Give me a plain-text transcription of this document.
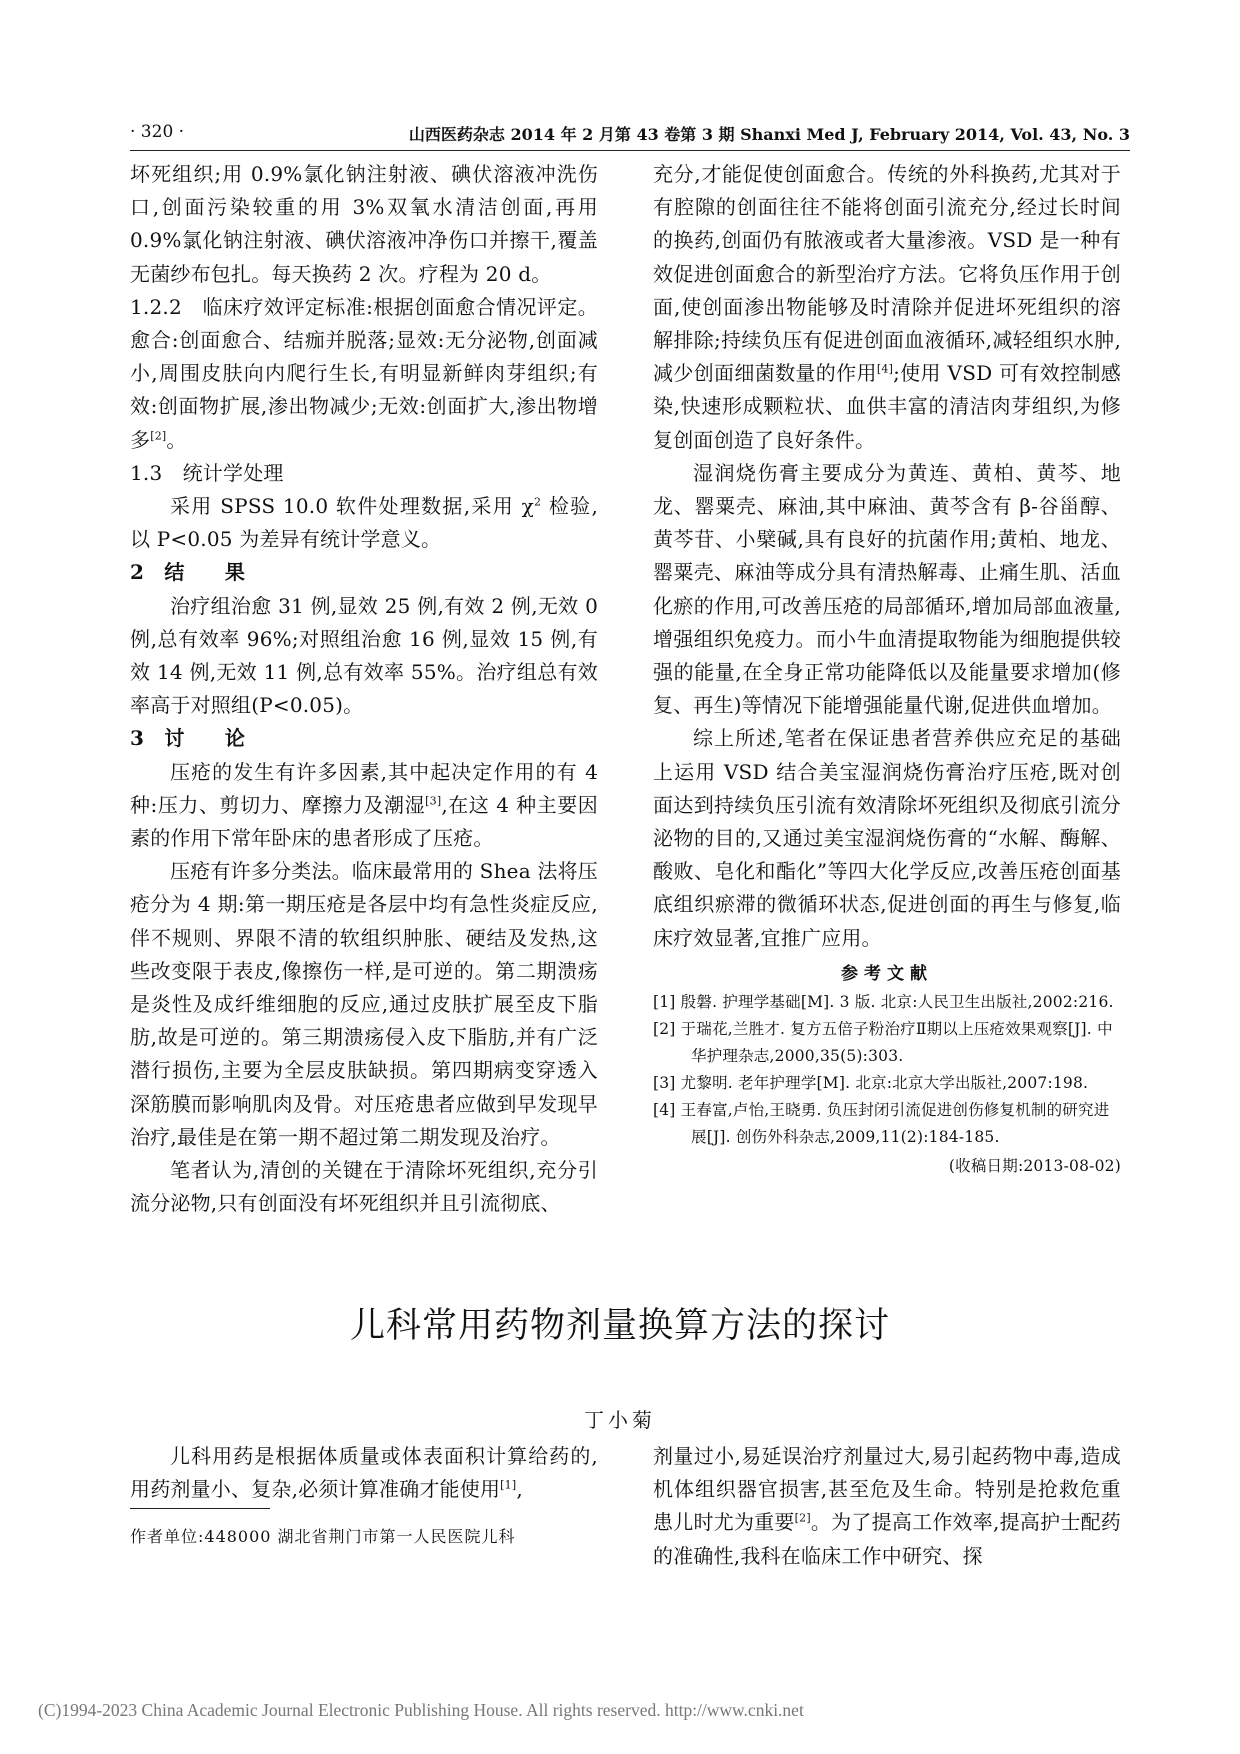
· 320 ·	山西医药杂志 2014 年 2 月第 43 卷第 3 期 Shanxi Med J, February 2014, Vol. 43, No. 3

坏死组织;用 0.9%氯化钠注射液、碘伏溶液冲洗伤口,创面污染较重的用 3%双氧水清洁创面,再用 0.9%氯化钠注射液、碘伏溶液冲净伤口并擦干,覆盖无菌纱布包扎。每天换药 2 次。疗程为 20 d。

1.2.2　临床疗效评定标准:根据创面愈合情况评定。愈合:创面愈合、结痂并脱落;显效:无分泌物,创面减小,周围皮肤向内爬行生长,有明显新鲜肉芽组织;有效:创面物扩展,渗出物减少;无效:创面扩大,渗出物增多[2]。

1.3　统计学处理

采用 SPSS 10.0 软件处理数据,采用 $\chi^2$ 检验,以 P<0.05 为差异有统计学意义。

2　结　　果

治疗组治愈 31 例,显效 25 例,有效 2 例,无效 0 例,总有效率 96%;对照组治愈 16 例,显效 15 例,有效 14 例,无效 11 例,总有效率 55%。治疗组总有效率高于对照组(P<0.05)。

3　讨　　论

压疮的发生有许多因素,其中起决定作用的有 4 种:压力、剪切力、摩擦力及潮湿[3],在这 4 种主要因素的作用下常年卧床的患者形成了压疮。

压疮有许多分类法。临床最常用的 Shea 法将压疮分为 4 期:第一期压疮是各层中均有急性炎症反应,伴不规则、界限不清的软组织肿胀、硬结及发热,这些改变限于表皮,像擦伤一样,是可逆的。第二期溃疡是炎性及成纤维细胞的反应,通过皮肤扩展至皮下脂肪,故是可逆的。第三期溃疡侵入皮下脂肪,并有广泛潜行损伤,主要为全层皮肤缺损。第四期病变穿透入深筋膜而影响肌肉及骨。对压疮患者应做到早发现早治疗,最佳是在第一期不超过第二期发现及治疗。

笔者认为,清创的关键在于清除坏死组织,充分引流分泌物,只有创面没有坏死组织并且引流彻底、

充分,才能促使创面愈合。传统的外科换药,尤其对于有腔隙的创面往往不能将创面引流充分,经过长时间的换药,创面仍有脓液或者大量渗液。VSD 是一种有效促进创面愈合的新型治疗方法。它将负压作用于创面,使创面渗出物能够及时清除并促进坏死组织的溶解排除;持续负压有促进创面血液循环,减轻组织水肿,减少创面细菌数量的作用[4];使用 VSD 可有效控制感染,快速形成颗粒状、血供丰富的清洁肉芽组织,为修复创面创造了良好条件。

湿润烧伤膏主要成分为黄连、黄柏、黄芩、地龙、罂粟壳、麻油,其中麻油、黄芩含有 β-谷甾醇、黄芩苷、小檗碱,具有良好的抗菌作用;黄柏、地龙、罂粟壳、麻油等成分具有清热解毒、止痛生肌、活血化瘀的作用,可改善压疮的局部循环,增加局部血液量,增强组织免疫力。而小牛血清提取物能为细胞提供较强的能量,在全身正常功能降低以及能量要求增加(修复、再生)等情况下能增强能量代谢,促进供血增加。

综上所述,笔者在保证患者营养供应充足的基础上运用 VSD 结合美宝湿润烧伤膏治疗压疮,既对创面达到持续负压引流有效清除坏死组织及彻底引流分泌物的目的,又通过美宝湿润烧伤膏的“水解、酶解、酸败、皂化和酯化”等四大化学反应,改善压疮创面基底组织瘀滞的微循环状态,促进创面的再生与修复,临床疗效显著,宜推广应用。

参考文献
[1] 殷磐. 护理学基础[M]. 3 版. 北京:人民卫生出版社,2002:216.
[2] 于瑞花,兰胜才. 复方五倍子粉治疗Ⅱ期以上压疮效果观察[J]. 中华护理杂志,2000,35(5):303.
[3] 尤黎明. 老年护理学[M]. 北京:北京大学出版社,2007:198.
[4] 王春富,卢怡,王晓勇. 负压封闭引流促进创伤修复机制的研究进展[J]. 创伤外科杂志,2009,11(2):184-185.
(收稿日期:2013-08-02)
儿科常用药物剂量换算方法的探讨
丁小菊

儿科用药是根据体质量或体表面积计算给药的,用药剂量小、复杂,必须计算准确才能使用[1],

作者单位:448000 湖北省荆门市第一人民医院儿科

剂量过小,易延误治疗剂量过大,易引起药物中毒,造成机体组织器官损害,甚至危及生命。特别是抢救危重患儿时尤为重要[2]。为了提高工作效率,提高护士配药的准确性,我科在临床工作中研究、探

(C)1994-2023 China Academic Journal Electronic Publishing House. All rights reserved. http://www.cnki.net
